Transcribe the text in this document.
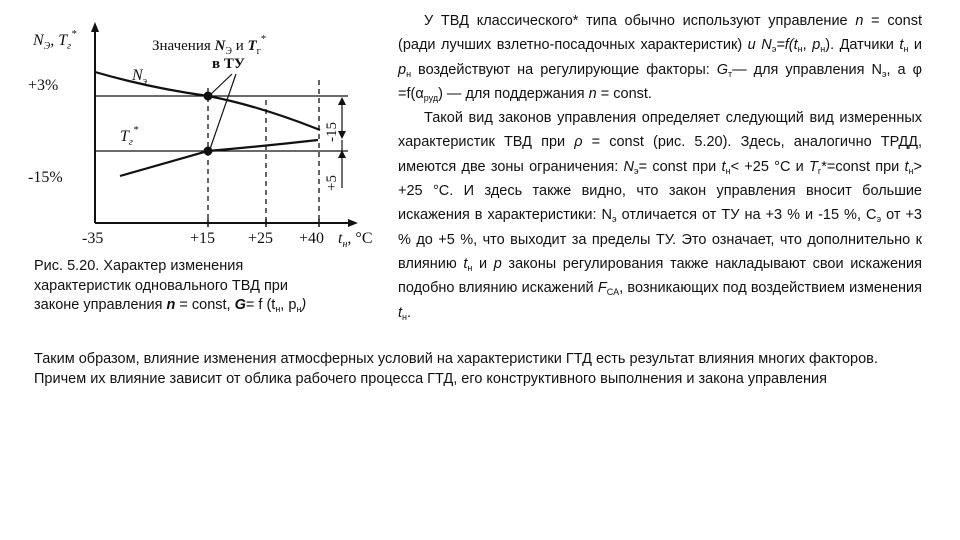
$N_Э$, $T_г^*$
Значения $N_Э$ и $T_г^*$
в ТУ
+3%
-15%
$N_э$
$T_г^*$	-15
+5
-35	+15 +25 +40 $t_н$, °C
Рис. 5.20. Характер изменения
характеристик одновального ТВД при
законе управления n = const, G= f ($t_н$, $p_н$)

У ТВД классического* типа обычно используют управление n = const (ради лучших взлетно-посадочных характеристик) и $N_э=f(t_н$, $p_н$). Датчики $t_н$ и $p_н$ воздействуют на регулирующие факторы: $G_т—$ для управления $N_э$, а $\varphi =f(\alpha_{руд})$ — для поддержания n = const.

Такой вид законов управления определяет следующий вид измеренных характеристик ТВД при ρ = const (рис. 5.20). Здесь, аналогично ТРДД, имеются две зоны ограничения: $N_э=$ const при $t_н< +25$ °С и $T_г*=const$ при $t_н> +25$ °С. И здесь также видно, что закон управления вносит большие искажения в характеристики: $N_э$ отличается от ТУ на +3 % и -15 %, $С_э$ от +3 % до +5 %, что выходит за пределы ТУ. Это означает, что дополнительно к влиянию $t_н$ и p законы регулирования также накладывают свои искажения подобно влиянию искажений $F_{CA}$, возникающих под воздействием изменения $t_н$.

Таким образом, влияние изменения атмосферных условий на характеристики ГТД есть результат влияния многих факторов. Причем их влияние зависит от облика рабочего процесса ГТД, его конструктивного выполнения и закона управления
